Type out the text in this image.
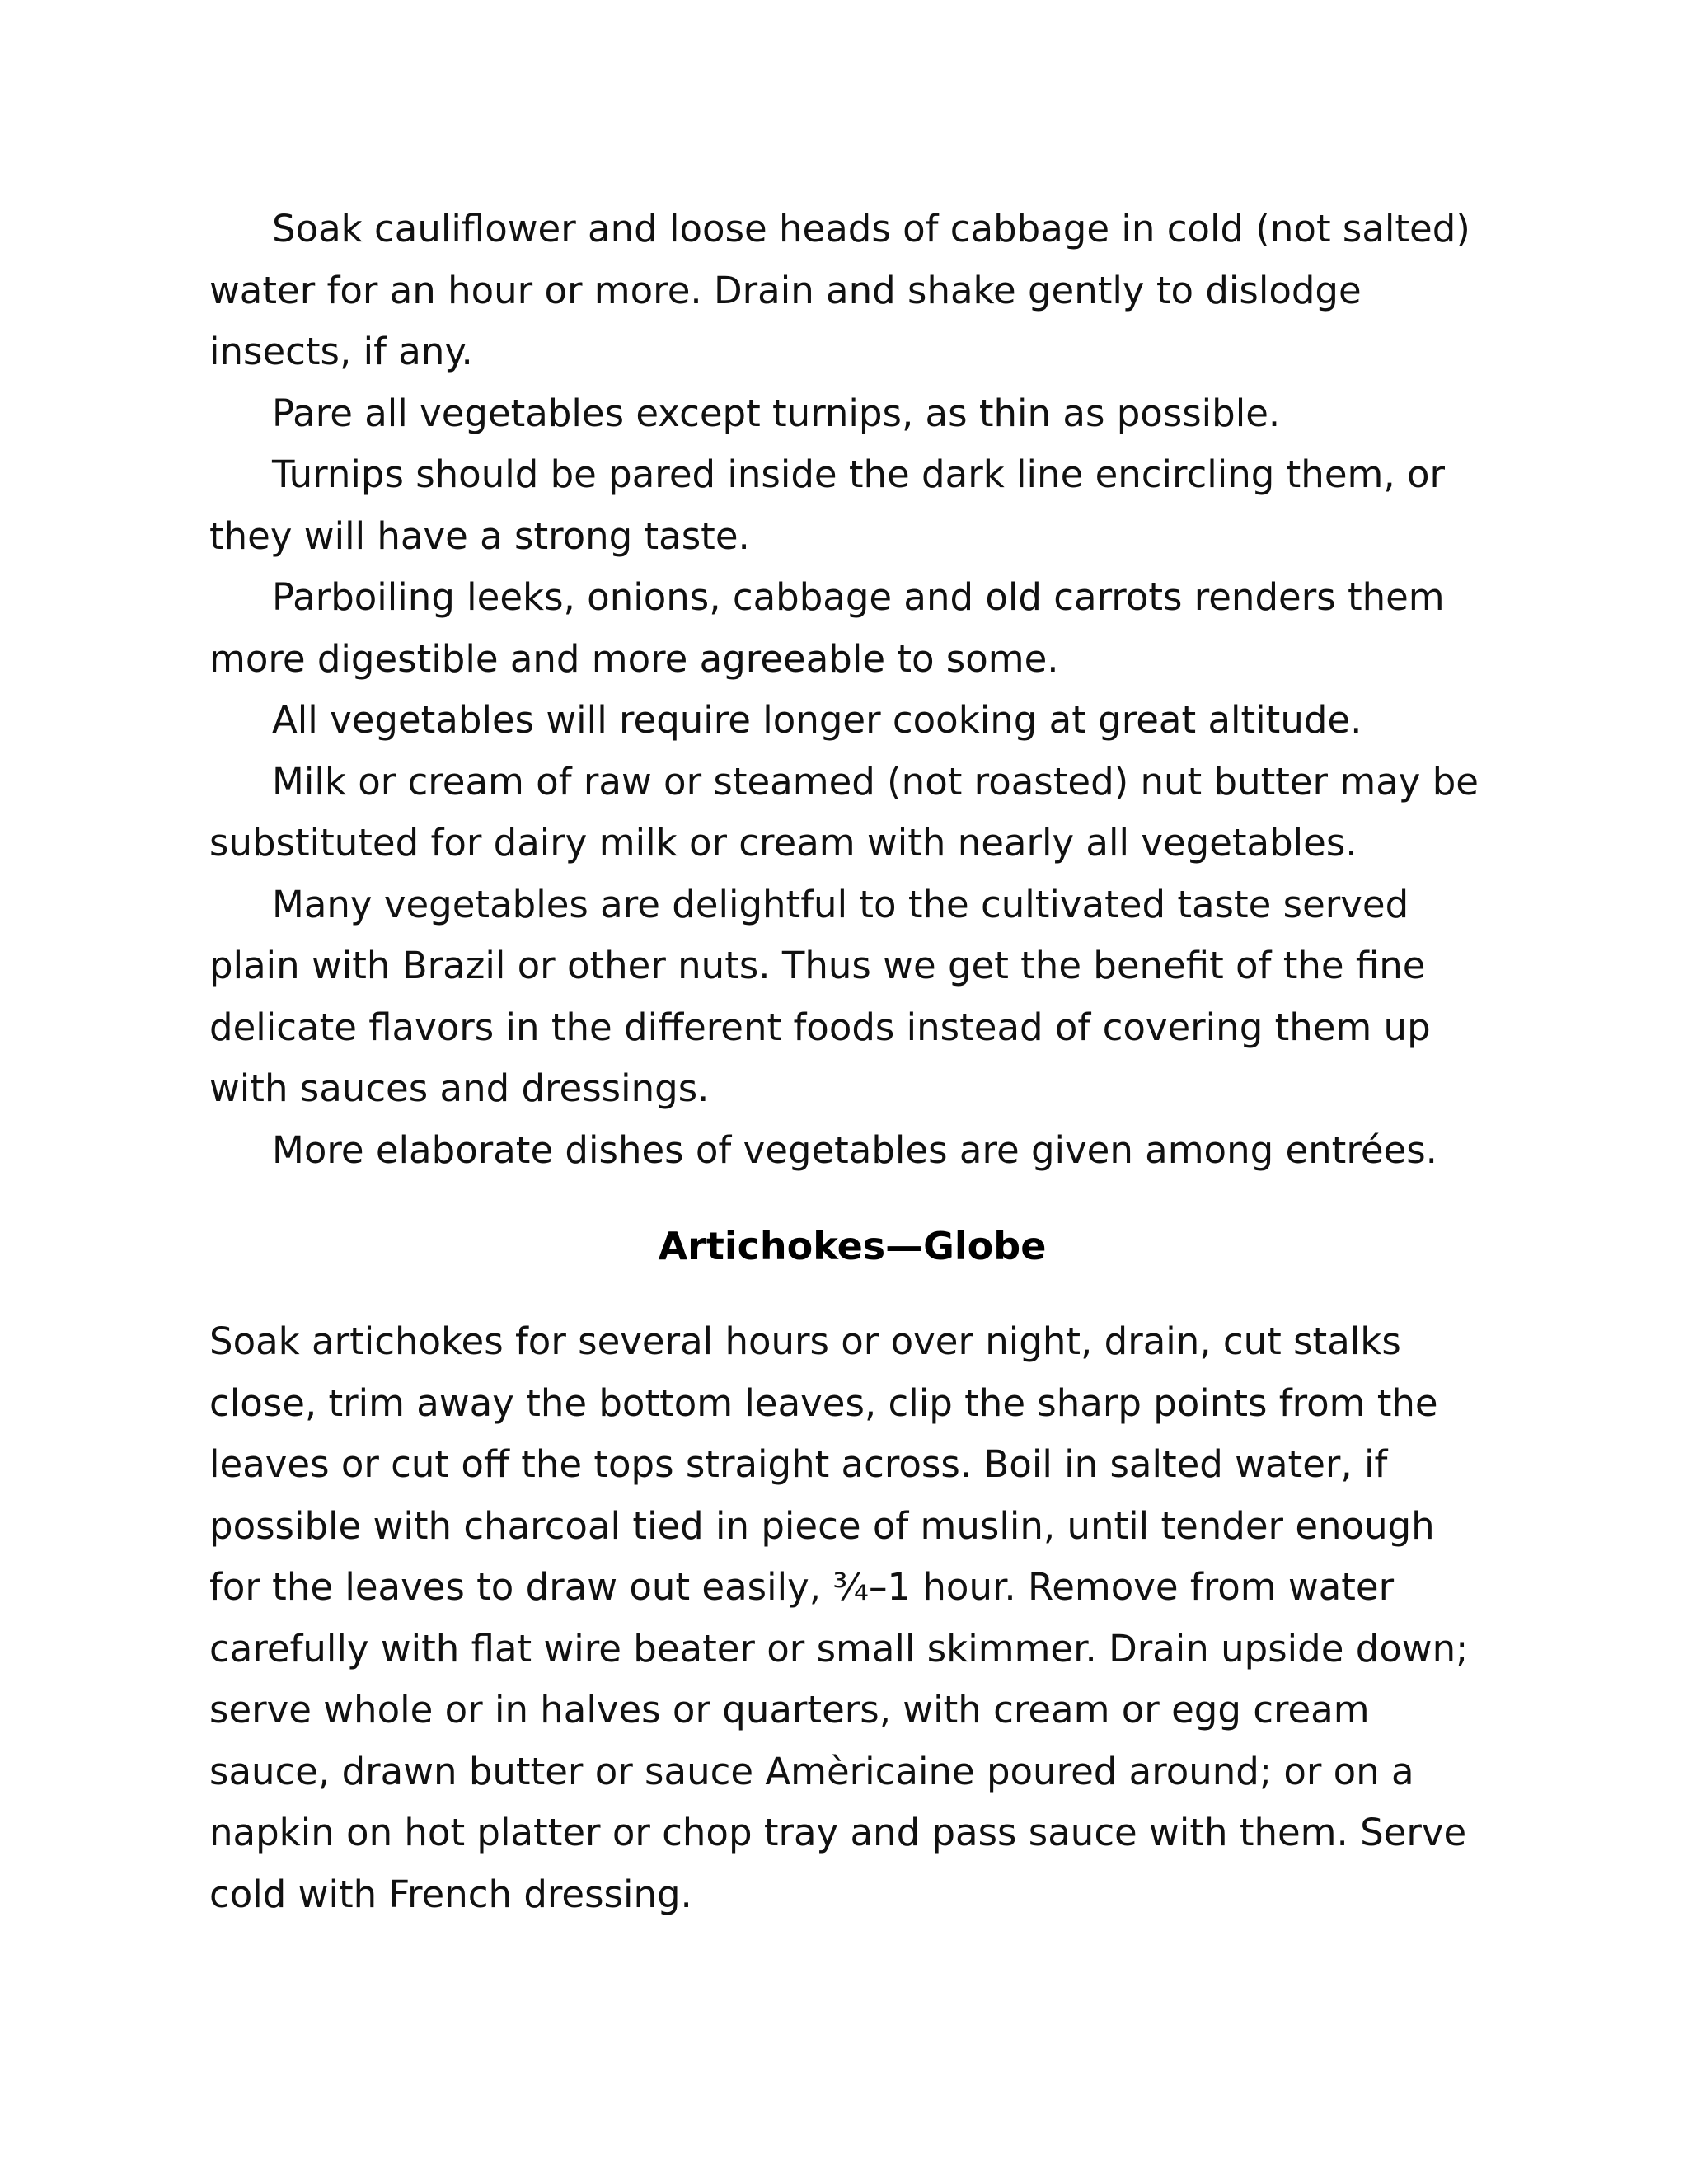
Soak cauliflower and loose heads of cabbage in cold (not salted) water for an hour or more. Drain and shake gently to dislodge insects, if any.

Pare all vegetables except turnips, as thin as possible.

Turnips should be pared inside the dark line encircling them, or they will have a strong taste.

Parboiling leeks, onions, cabbage and old carrots renders them more digestible and more agreeable to some.

All vegetables will require longer cooking at great altitude.

Milk or cream of raw or steamed (not roasted) nut butter may be substituted for dairy milk or cream with nearly all vegetables.

Many vegetables are delightful to the cultivated taste served plain with Brazil or other nuts. Thus we get the benefit of the fine delicate flavors in the different foods instead of covering them up with sauces and dressings.

More elaborate dishes of vegetables are given among entrées.

Artichokes—Globe

Soak artichokes for several hours or over night, drain, cut stalks close, trim away the bottom leaves, clip the sharp points from the leaves or cut off the tops straight across. Boil in salted water, if possible with charcoal tied in piece of muslin, until tender enough for the leaves to draw out easily, ¾–1 hour. Remove from water carefully with flat wire beater or small skimmer. Drain upside down; serve whole or in halves or quarters, with cream or egg cream sauce, drawn butter or sauce Amèricaine poured around; or on a napkin on hot platter or chop tray and pass sauce with them. Serve cold with French dressing.
